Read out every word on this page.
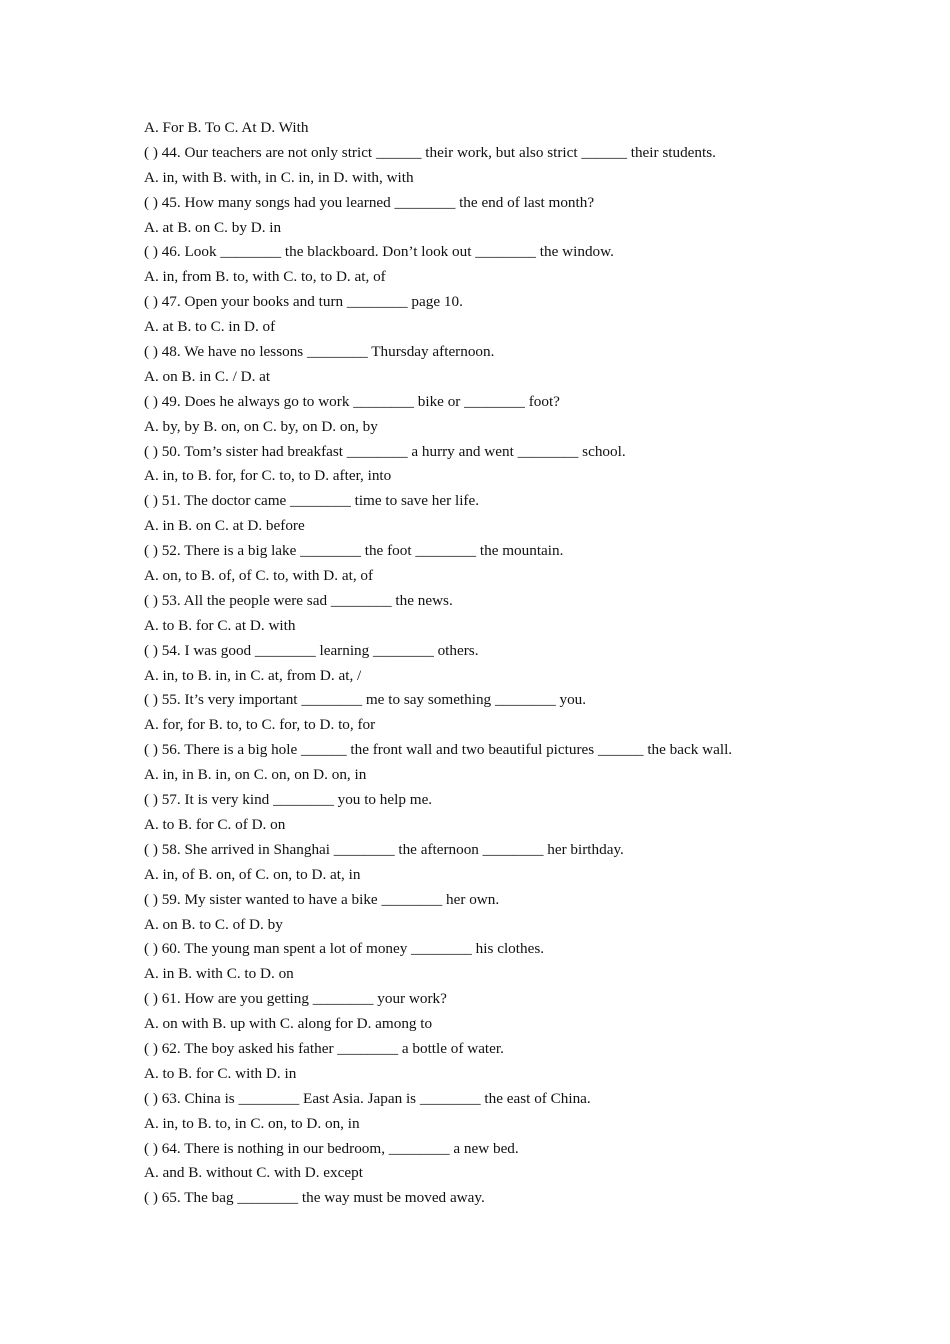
A. For B. To C. At D. With
( ) 44. Our teachers are not only strict ______ their work, but also strict ______ their students.
A. in, with B. with, in C. in, in D. with, with
( ) 45. How many songs had you learned ________ the end of last month?
A. at B. on C. by D. in
( ) 46. Look ________ the blackboard. Don’t look out ________ the window.
A. in, from B. to, with C. to, to D. at, of
( ) 47. Open your books and turn ________ page 10.
A. at B. to C. in D. of
( ) 48. We have no lessons ________ Thursday afternoon.
A. on B. in C. / D. at
( ) 49. Does he always go to work ________ bike or ________ foot?
A. by, by B. on, on C. by, on D. on, by
( ) 50. Tom’s sister had breakfast ________ a hurry and went ________ school.
A. in, to B. for, for C. to, to D. after, into
( ) 51. The doctor came ________ time to save her life.
A. in B. on C. at D. before
( ) 52. There is a big lake ________ the foot ________ the mountain.
A. on, to B. of, of C. to, with D. at, of
( ) 53. All the people were sad ________ the news.
A. to B. for C. at D. with
( ) 54. I was good ________ learning ________ others.
A. in, to B. in, in C. at, from D. at, /
( ) 55. It’s very important ________ me to say something ________ you.
A. for, for B. to, to C. for, to D. to, for
( ) 56. There is a big hole ______ the front wall and two beautiful pictures ______ the back wall.
A. in, in B. in, on C. on, on D. on, in
( ) 57. It is very kind ________ you to help me.
A. to B. for C. of D. on
( ) 58. She arrived in Shanghai ________ the afternoon ________ her birthday.
A. in, of B. on, of C. on, to D. at, in
( ) 59. My sister wanted to have a bike ________ her own.
A. on B. to C. of D. by
( ) 60. The young man spent a lot of money ________ his clothes.
A. in B. with C. to D. on
( ) 61. How are you getting ________ your work?
A. on with B. up with C. along for D. among to
( ) 62. The boy asked his father ________ a bottle of water.
A. to B. for C. with D. in
( ) 63. China is ________ East Asia. Japan is ________ the east of China.
A. in, to B. to, in C. on, to D. on, in
( ) 64. There is nothing in our bedroom, ________ a new bed.
A. and B. without C. with D. except
( ) 65. The bag ________ the way must be moved away.
